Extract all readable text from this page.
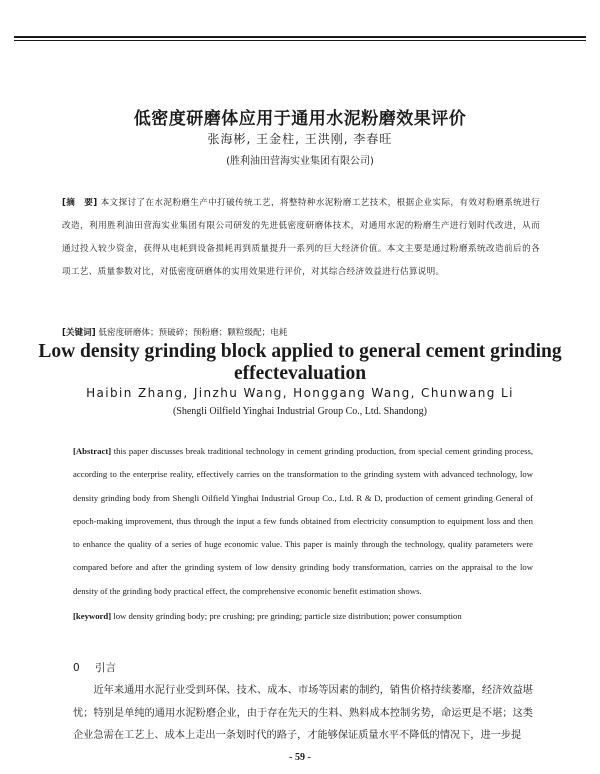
低密度研磨体应用于通用水泥粉磨效果评价
张海彬, 王金柱, 王洪刚, 李春旺
(胜利油田营海实业集团有限公司)
[摘　要] 本文探讨了在水泥粉磨生产中打破传统工艺，将整特种水泥粉磨工艺技术，根据企业实际，有效对粉磨系统进行改造，利用胜利油田营海实业集团有限公司研发的先进低密度研磨体技术，对通用水泥的粉磨生产进行划时代改进，从而通过投入较少资金，获得从电耗到设备损耗再到质量提升一系列的巨大经济价值。本文主要是通过粉磨系统改造前后的各项工艺、质量参数对比，对低密度研磨体的实用效果进行评价，对其综合经济效益进行估算说明。
[关键词] 低密度研磨体；预破碎；预粉磨；颗粒级配；电耗
Low density grinding block applied to general cement grinding effectevaluation
Haibin Zhang, Jinzhu Wang, Honggang Wang, Chunwang Li
(Shengli Oilfield Yinghai Industrial Group Co., Ltd. Shandong)
[Abstract] this paper discusses break traditional technology in cement grinding production, from special cement grinding process, according to the enterprise reality, effectively carries on the transformation to the grinding system with advanced technology, low density grinding body from Shengli Oilfield Yinghai Industrial Group Co., Ltd. R & D, production of cement grinding General of epoch-making improvement, thus through the input a few funds obtained from electricity consumption to equipment loss and then to enhance the quality of a series of huge economic value. This paper is mainly through the technology, quality parameters were compared before and after the grinding system of low density grinding body transformation, carries on the appraisal to the low density of the grinding body practical effect, the comprehensive economic benefit estimation shows.
[keyword] low density grinding body; pre crushing; pre grinding; particle size distribution; power consumption
0 引言

近年来通用水泥行业受到环保、技术、成本、市场等因素的制约，销售价格持续萎靡，经济效益堪忧；特别是单纯的通用水泥粉磨企业，由于存在先天的生料、熟料成本控制劣势，命运更是不堪；这类企业急需在工艺上、成本上走出一条划时代的路子，才能够保证质量水平不降低的情况下，进一步提

- 59 -
